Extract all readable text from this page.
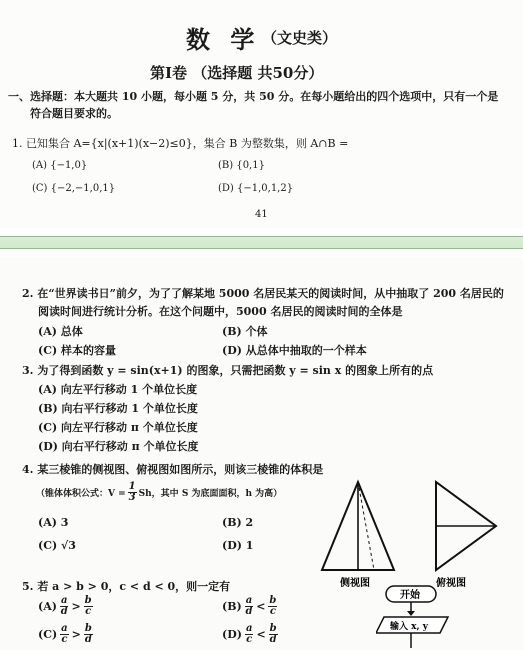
数 学 （文史类）
第Ⅰ卷 （选择题 共50分）
一、选择题：本大题共 10 小题，每小题 5 分，共 50 分。在每小题给出的四个选项中，只有一个是
符合题目要求的。
1. 已知集合 A={x|(x+1)(x−2)≤0}，集合 B 为整数集，则 A∩B =
(A) {−1,0}	(B) {0,1}
(C) {−2,−1,0,1}	(D) {−1,0,1,2}
41
2. 在“世界读书日”前夕，为了了解某地 5000 名居民某天的阅读时间，从中抽取了 200 名居民的
阅读时间进行统计分析。在这个问题中，5000 名居民的阅读时间的全体是
(A) 总体	(B) 个体
(C) 样本的容量	(D) 从总体中抽取的一个样本
3. 为了得到函数 y = sin(x+1) 的图象，只需把函数 y = sin x 的图象上所有的点
(A) 向左平行移动 1 个单位长度
(B) 向右平行移动 1 个单位长度
(C) 向左平行移动 π 个单位长度
(D) 向右平行移动 π 个单位长度
4. 某三棱锥的侧视图、俯视图如图所示，则该三棱锥的体积是
（锥体体积公式：$V = \frac{1}{3}$ Sh，其中 S 为底面面积，h 为高）
(A) 3	(B) 2
(C) √3	(D) 1
侧视图	俯视图
5. 若 a > b > 0，c < d < 0，则一定有
$(A) \frac{a}{d} > \frac{b}{c}$	$(B) \frac{a}{d} < \frac{b}{c}$
$(C) \frac{a}{c} > \frac{b}{d}$	$(D) \frac{a}{c} < \frac{b}{d}$
开始
输入 x, y
